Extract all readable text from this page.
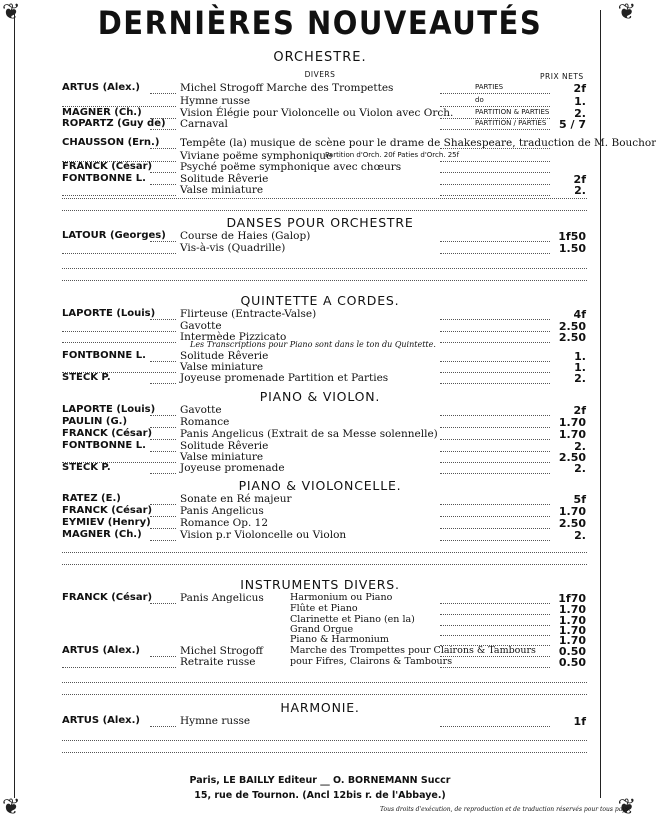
❦	❦
❦	❦
DERNIÈRES NOUVEAUTÉS
ORCHESTRE.
DIVERS	PRIX NETS
ARTUS (Alex.)	Michel Strogoff Marche des Trompettes	PARTIES	2f
Hymne russe	do	1.
MAGNER (Ch.)	Vision Élégie pour Violoncelle ou Violon avec Orch.	PARTITION & PARTIES	2.
ROPARTZ (Guy de) Carnaval	PARTITION / PARTIES	5 / 7
CHAUSSON (Ern.) Tempête (la) musique de scène pour le drame de Shakespeare, traduction de M. Bouchor
Viviane poëme symphonique
Partition d'Orch. 20f Paties d'Orch. 25f
FRANCK (César)	Psyché poëme symphonique avec chœurs
FONTBONNE L.	Solitude Rêverie	2f
Valse miniature	2.
DANSES POUR ORCHESTRE
LATOUR (Georges) Course de Haies (Galop)	1f50
Vis-à-vis (Quadrille)	1.50
QUINTETTE A CORDES.
LAPORTE (Louis) Flirteuse (Entracte-Valse)	4f
Gavotte	2.50
Intermède Pizzicato	2.50
FONTBONNE L.	Solitude Rêverie	1.
Valse miniature	1.
STECK P.	Joyeuse promenade Partition et Parties	2.
Les Transcriptions pour Piano sont dans le ton du Quintette.
PIANO & VIOLON.
LAPORTE (Louis) Gavotte	2f
PAULIN (G.)	Romance	1.70
FRANCK (César)	Panis Angelicus (Extrait de sa Messe solennelle)	1.70
FONTBONNE L.	Solitude Rêverie	2.
Valse miniature	2.50
STECK P.	Joyeuse promenade	2.
PIANO & VIOLONCELLE.
RATEZ (E.)	Sonate en Ré majeur	5f
FRANCK (César)	Panis Angelicus	1.70
EYMIEV (Henry)	Romance Op. 12	2.50
MAGNER (Ch.)	Vision p.r Violoncelle ou Violon	2.
INSTRUMENTS DIVERS.
FRANCK (César)	Panis Angelicus	Harmonium ou Piano	1f70
Flûte et Piano	1.70
Clarinette et Piano (en la)	1.70
Grand Orgue	1.70
Piano & Harmonium	1.70
ARTUS (Alex.)	Michel Strogoff	Marche des Trompettes pour Clairons & Tambours	0.50
Retraite russe	pour Fifres, Clairons & Tambours	0.50
HARMONIE.
ARTUS (Alex.)	Hymne russe	1f
Paris, LE BAILLY Editeur __ O. BORNEMANN Succr
15, rue de Tournon. (Ancl 12bis r. de l'Abbaye.)
Tous droits d'exécution, de reproduction et de traduction réservés pour tous pays.
